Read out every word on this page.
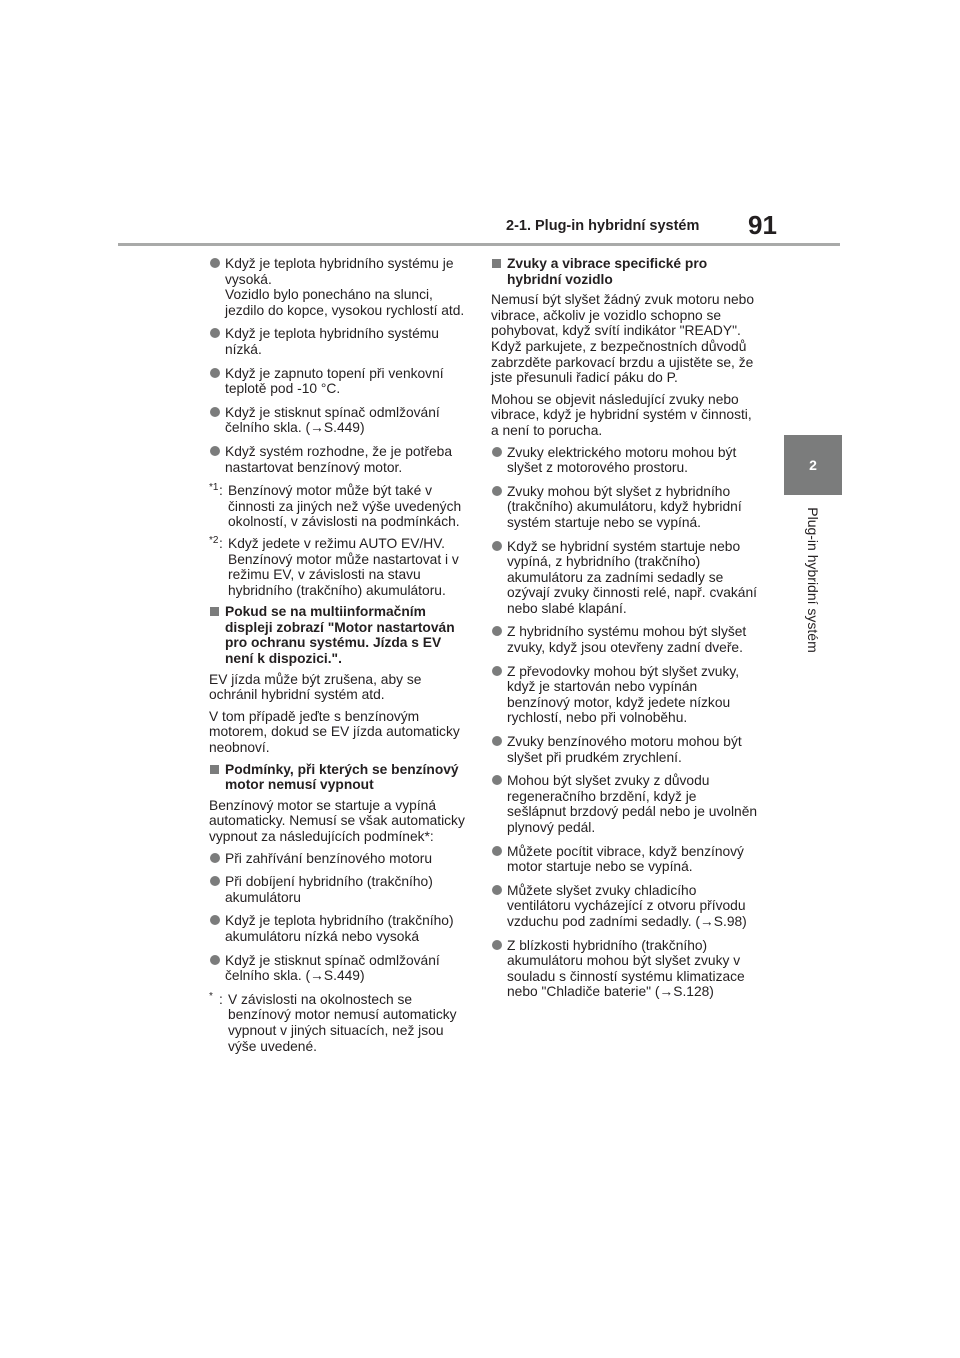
2-1. Plug-in hybridní systém 91
2
Plug-in hybridní systém

Když je teplota hybridního systému je vysoká.
Vozidlo bylo ponecháno na slunci, jezdilo do kopce, vysokou rychlostí atd.

Když je teplota hybridního systému nízká.

Když je zapnuto topení při venkovní teplotě pod -10 °C.

Když je stisknut spínač odmlžování čelního skla. (→S.449)

Když systém rozhodne, že je potřeba nastartovat benzínový motor.

*1 : Benzínový motor může být také v činnosti za jiných než výše uvedených okolností, v závislosti na podmínkách.

*2 : Když jedete v režimu AUTO EV/HV. Benzínový motor může nastartovat i v režimu EV, v závislosti na stavu hybridního (trakčního) akumulátoru.

Pokud se na multiinformačním displeji zobrazí "Motor nastartován pro ochranu systému. Jízda s EV není k dispozici.".

EV jízda může být zrušena, aby se ochránil hybridní systém atd.

V tom případě jeďte s benzínovým motorem, dokud se EV jízda automaticky neobnoví.

Podmínky, při kterých se benzínový motor nemusí vypnout

Benzínový motor se startuje a vypíná automaticky. Nemusí se však automaticky vypnout za následujících podmínek*:

Při zahřívání benzínového motoru

Při dobíjení hybridního (trakčního) akumulátoru

Když je teplota hybridního (trakčního) akumulátoru nízká nebo vysoká

Když je stisknut spínač odmlžování čelního skla. (→S.449)

* : V závislosti na okolnostech se benzínový motor nemusí automaticky vypnout v jiných situacích, než jsou výše uvedené.

Zvuky a vibrace specifické pro hybridní vozidlo

Nemusí být slyšet žádný zvuk motoru nebo vibrace, ačkoliv je vozidlo schopno se pohybovat, když svítí indikátor "READY". Když parkujete, z bezpečnostních důvodů zabrzděte parkovací brzdu a ujistěte se, že jste přesunuli řadicí páku do P.

Mohou se objevit následující zvuky nebo vibrace, když je hybridní systém v činnosti, a není to porucha.

Zvuky elektrického motoru mohou být slyšet z motorového prostoru.

Zvuky mohou být slyšet z hybridního (trakčního) akumulátoru, když hybridní systém startuje nebo se vypíná.

Když se hybridní systém startuje nebo vypíná, z hybridního (trakčního) akumulátoru za zadními sedadly se ozývají zvuky činnosti relé, např. cvakání nebo slabé klapání.

Z hybridního systému mohou být slyšet zvuky, když jsou otevřeny zadní dveře.

Z převodovky mohou být slyšet zvuky, když je startován nebo vypínán benzínový motor, když jedete nízkou rychlostí, nebo při volnoběhu.

Zvuky benzínového motoru mohou být slyšet při prudkém zrychlení.

Mohou být slyšet zvuky z důvodu regeneračního brzdění, když je sešlápnut brzdový pedál nebo je uvolněn plynový pedál.

Můžete pocítit vibrace, když benzínový motor startuje nebo se vypíná.

Můžete slyšet zvuky chladicího ventilátoru vycházející z otvoru přívodu vzduchu pod zadními sedadly. (→S.98)

Z blízkosti hybridního (trakčního) akumulátoru mohou být slyšet zvuky v souladu s činností systému klimatizace nebo "Chladiče baterie" (→S.128)
